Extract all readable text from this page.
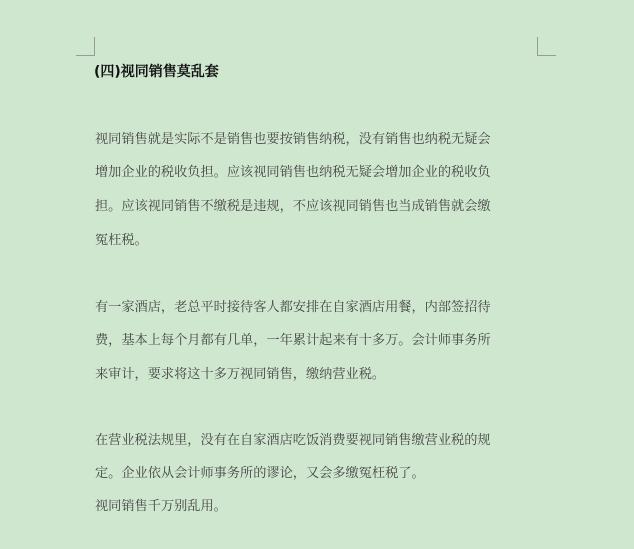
(四)视同销售莫乱套
视同销售就是实际不是销售也要按销售纳税，没有销售也纳税无疑会
增加企业的税收负担。应该视同销售也纳税无疑会增加企业的税收负
担。应该视同销售不缴税是违规，不应该视同销售也当成销售就会缴
冤枉税。
有一家酒店，老总平时接待客人都安排在自家酒店用餐，内部签招待
费，基本上每个月都有几单，一年累计起来有十多万。会计师事务所
来审计，要求将这十多万视同销售，缴纳营业税。
在营业税法规里，没有在自家酒店吃饭消费要视同销售缴营业税的规
定。企业依从会计师事务所的谬论，又会多缴冤枉税了。
视同销售千万别乱用。
